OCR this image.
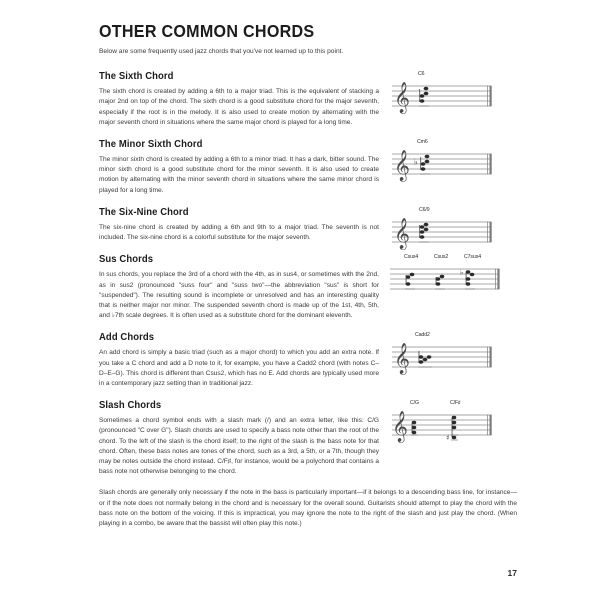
OTHER COMMON CHORDS

Below are some frequently used jazz chords that you've not learned up to this point.

The Sixth Chord

The sixth chord is created by adding a 6th to a major triad. This is the equivalent of stacking a major 2nd on top of the chord. The sixth chord is a good substitute chord for the major seventh, especially if the root is in the melody. It is also used to create motion by alternating with the major seventh chord in situations where the same major chord is played for a long time.

C6
𝄞
The Minor Sixth Chord

The minor sixth chord is created by adding a 6th to a minor triad. It has a dark, bitter sound. The minor sixth chord is a good substitute chord for the minor seventh. It is also used to create motion by alternating with the minor seventh chord in situations where the same minor chord is played for a long time.

Cm6
𝄞 ♭
The Six-Nine Chord

The six-nine chord is created by adding a 6th and 9th to a major triad. The seventh is not included. The six-nine chord is a colorful substitute for the major seventh.

C6/9
𝄞
Sus Chords

In sus chords, you replace the 3rd of a chord with the 4th, as in sus4, or sometimes with the 2nd, as in sus2 (pronounced "suss four" and "suss two"—the abbreviation "sus" is short for "suspended"). The resulting sound is incomplete or unresolved and has an interesting quality that is neither major nor minor. The suspended seventh chord is made up of the 1st, 4th, 5th, and ♭7th scale degrees. It is often used as a substitute chord for the dominant eleventh.

Csus4	Csus2	C7sus4
♭
Add Chords

An add chord is simply a basic triad (such as a major chord) to which you add an extra note. If you take a C chord and add a D note to it, for example, you have a Cadd2 chord (with notes C–D–E–G). This chord is different than Csus2, which has no E. Add chords are typically used more in a contemporary jazz setting than in traditional jazz.

Cadd2
𝄞
Slash Chords

Sometimes a chord symbol ends with a slash mark (/) and an extra letter, like this: C/G (pronounced "C over G"). Slash chords are used to specify a bass note other than the root of the chord. To the left of the slash is the chord itself; to the right of the slash is the bass note for that chord. Often, these bass notes are tones of the chord, such as a 3rd, a 5th, or a 7th, though they may be notes outside the chord instead. C/F♯, for instance, would be a polychord that contains a bass note not otherwise belonging to the chord.

C/G	C/F♯
𝄞	♯

Slash chords are generally only necessary if the note in the bass is particularly important—if it belongs to a descending bass line, for instance—or if the note does not normally belong in the chord and is necessary for the overall sound. Guitarists should attempt to play the chord with the bass note on the bottom of the voicing. If this is impractical, you may ignore the note to the right of the slash and just play the chord. (When playing in a combo, be aware that the bassist will often play this note.)

17
